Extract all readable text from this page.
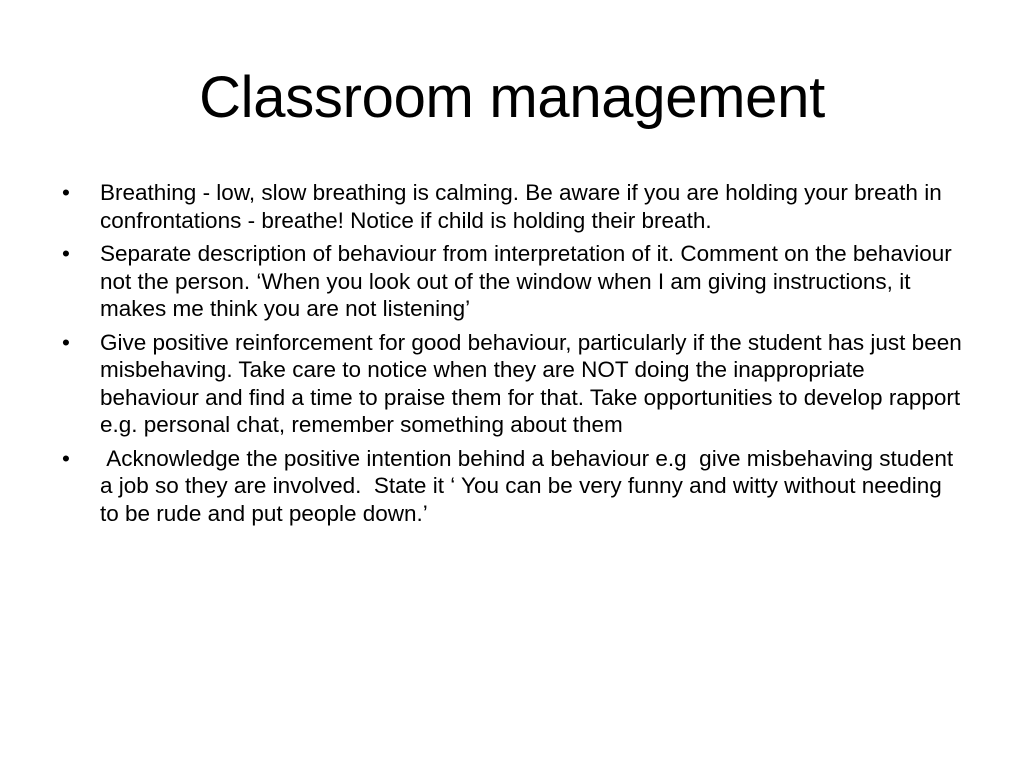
Classroom management
•	Breathing - low, slow breathing is calming. Be aware if you are holding your breath in confrontations - breathe! Notice if child is holding their breath.
•	Separate description of behaviour from interpretation of it. Comment on the behaviour not the person. ‘When you look out of the window when I am giving instructions, it makes me think you are not listening’
•	Give positive reinforcement for good behaviour, particularly if the student has just been misbehaving. Take care to notice when they are NOT doing the inappropriate behaviour and find a time to praise them for that. Take opportunities to develop rapport e.g. personal chat, remember something about them
•	Acknowledge the positive intention behind a behaviour e.g  give misbehaving student a job so they are involved.  State it ‘ You can be very funny and witty without needing to be rude and put people down.’
